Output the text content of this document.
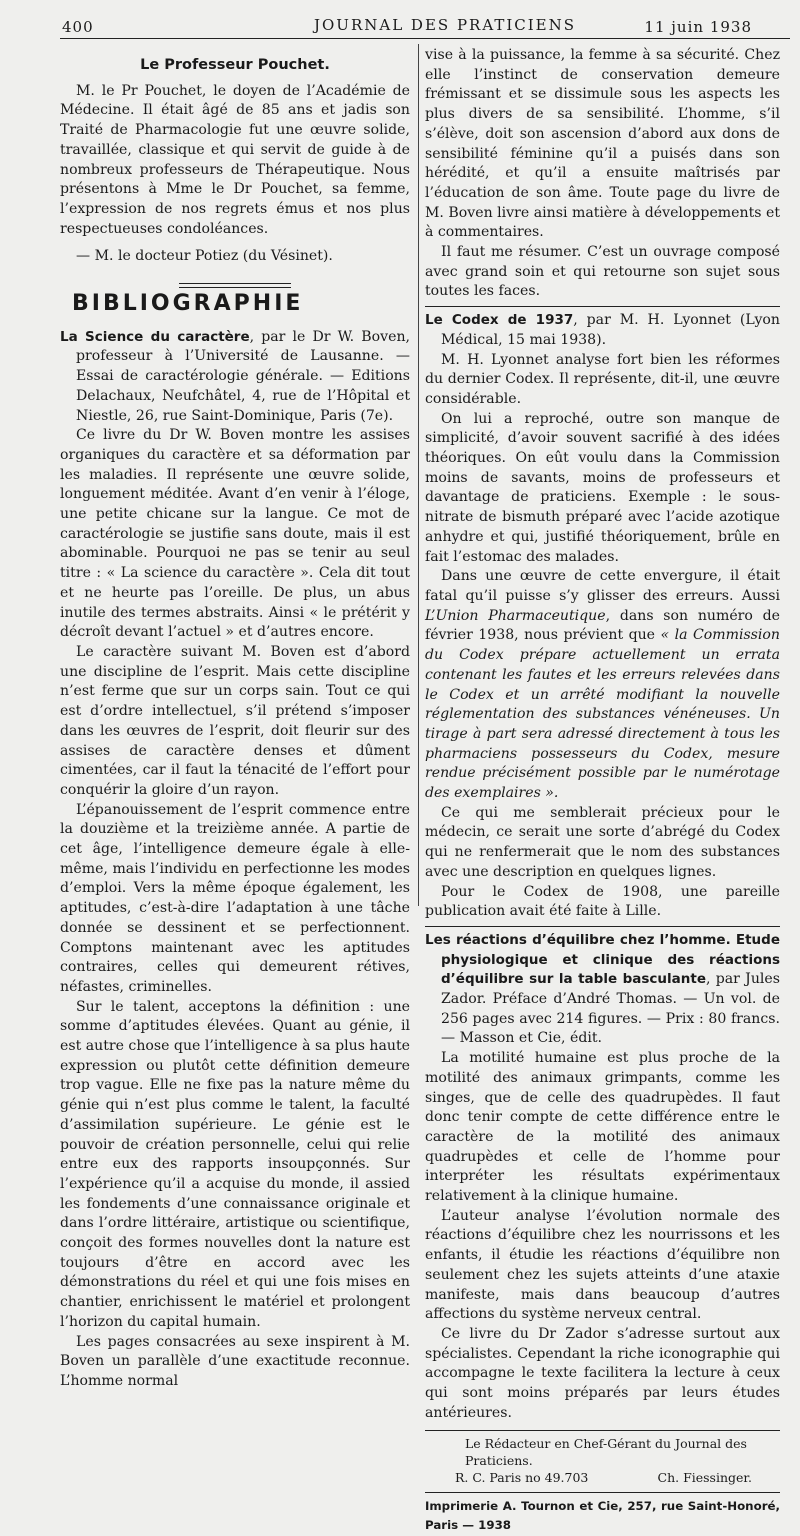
400	JOURNAL DES PRATICIENS	11 juin 1938

Le Professeur Pouchet.

M. le Pr Pouchet, le doyen de l’Académie de Médecine. Il était âgé de 85 ans et jadis son Traité de Pharmacologie fut une œuvre solide, travaillée, classique et qui servit de guide à de nombreux professeurs de Thérapeutique. Nous présentons à Mme le Dr Pouchet, sa femme, l’expression de nos regrets émus et nos plus respectueuses condoléances.

— M. le docteur Potiez (du Vésinet).

BIBLIOGRAPHIE

La Science du caractère, par le Dr W. Boven, professeur à l’Université de Lausanne. — Essai de caractérologie générale. — Editions Delachaux, Neufchâtel, 4, rue de l’Hôpital et Niestle, 26, rue Saint-Dominique, Paris (7e).

Ce livre du Dr W. Boven montre les assises organiques du caractère et sa déformation par les maladies. Il représente une œuvre solide, longuement méditée. Avant d’en venir à l’éloge, une petite chicane sur la langue. Ce mot de caractérologie se justifie sans doute, mais il est abominable. Pourquoi ne pas se tenir au seul titre : « La science du caractère ». Cela dit tout et ne heurte pas l’oreille. De plus, un abus inutile des termes abstraits. Ainsi « le prétérit y décroît devant l’actuel » et d’autres encore.

Le caractère suivant M. Boven est d’abord une discipline de l’esprit. Mais cette discipline n’est ferme que sur un corps sain. Tout ce qui est d’ordre intellectuel, s’il prétend s’imposer dans les œuvres de l’esprit, doit fleurir sur des assises de caractère denses et dûment cimentées, car il faut la ténacité de l’effort pour conquérir la gloire d’un rayon.

L’épanouissement de l’esprit commence entre la douzième et la treizième année. A partie de cet âge, l’intelligence demeure égale à elle-même, mais l’individu en perfectionne les modes d’emploi. Vers la même époque également, les aptitudes, c’est-à-dire l’adaptation à une tâche donnée se dessinent et se perfectionnent. Comptons maintenant avec les aptitudes contraires, celles qui demeurent rétives, néfastes, criminelles.

Sur le talent, acceptons la définition : une somme d’aptitudes élevées. Quant au génie, il est autre chose que l’intelligence à sa plus haute expression ou plutôt cette définition demeure trop vague. Elle ne fixe pas la nature même du génie qui n’est plus comme le talent, la faculté d’assimilation supérieure. Le génie est le pouvoir de création personnelle, celui qui relie entre eux des rapports insoupçonnés. Sur l’expérience qu’il a acquise du monde, il assied les fondements d’une connaissance originale et dans l’ordre littéraire, artistique ou scientifique, conçoit des formes nouvelles dont la nature est toujours d’être en accord avec les démonstrations du réel et qui une fois mises en chantier, enrichissent le matériel et prolongent l’horizon du capital humain.

Les pages consacrées au sexe inspirent à M. Boven un parallèle d’une exactitude reconnue. L’homme normal

vise à la puissance, la femme à sa sécurité. Chez elle l’instinct de conservation demeure frémissant et se dissimule sous les aspects les plus divers de sa sensibilité. L’homme, s’il s’élève, doit son ascension d’abord aux dons de sensibilité féminine qu’il a puisés dans son hérédité, et qu’il a ensuite maîtrisés par l’éducation de son âme. Toute page du livre de M. Boven livre ainsi matière à développements et à commentaires.

Il faut me résumer. C’est un ouvrage composé avec grand soin et qui retourne son sujet sous toutes les faces.

Le Codex de 1937, par M. H. Lyonnet (Lyon Médical, 15 mai 1938).

M. H. Lyonnet analyse fort bien les réformes du dernier Codex. Il représente, dit-il, une œuvre considérable.

On lui a reproché, outre son manque de simplicité, d’avoir souvent sacrifié à des idées théoriques. On eût voulu dans la Commission moins de savants, moins de professeurs et davantage de praticiens. Exemple : le sous-nitrate de bismuth préparé avec l’acide azotique anhydre et qui, justifié théoriquement, brûle en fait l’estomac des malades.

Dans une œuvre de cette envergure, il était fatal qu’il puisse s’y glisser des erreurs. Aussi L’Union Pharmaceutique, dans son numéro de février 1938, nous prévient que « la Commission du Codex prépare actuellement un errata contenant les fautes et les erreurs relevées dans le Codex et un arrêté modifiant la nouvelle réglementation des substances vénéneuses. Un tirage à part sera adressé directement à tous les pharmaciens possesseurs du Codex, mesure rendue précisément possible par le numérotage des exemplaires ».

Ce qui me semblerait précieux pour le médecin, ce serait une sorte d’abrégé du Codex qui ne renfermerait que le nom des substances avec une description en quelques lignes.

Pour le Codex de 1908, une pareille publication avait été faite à Lille.

Les réactions d’équilibre chez l’homme. Etude physiologique et clinique des réactions d’équilibre sur la table basculante, par Jules Zador. Préface d’André Thomas. — Un vol. de 256 pages avec 214 figures. — Prix : 80 francs. — Masson et Cie, édit.

La motilité humaine est plus proche de la motilité des animaux grimpants, comme les singes, que de celle des quadrupèdes. Il faut donc tenir compte de cette différence entre le caractère de la motilité des animaux quadrupèdes et celle de l’homme pour interpréter les résultats expérimentaux relativement à la clinique humaine.

L’auteur analyse l’évolution normale des réactions d’équilibre chez les nourrissons et les enfants, il étudie les réactions d’équilibre non seulement chez les sujets atteints d’une ataxie manifeste, mais dans beaucoup d’autres affections du système nerveux central.

Ce livre du Dr Zador s’adresse surtout aux spécialistes. Cependant la riche iconographie qui accompagne le texte facilitera la lecture à ceux qui sont moins préparés par leurs études antérieures.

Le Rédacteur en Chef-Gérant du Journal des Praticiens.
R. C. Paris no 49.703	Ch. Fiessinger.
Imprimerie A. Tournon et Cie, 257, rue Saint-Honoré, Paris — 1938
